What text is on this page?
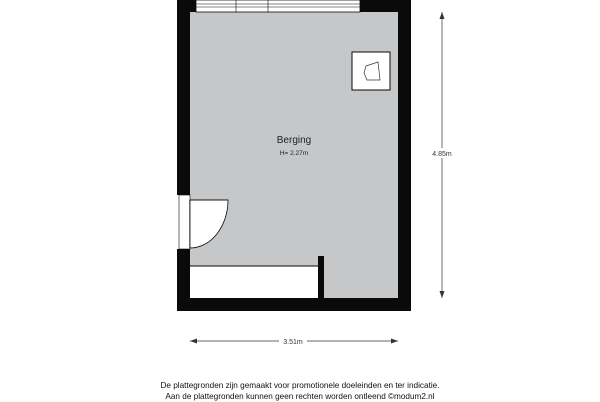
Berging
H= 2.27m	4.85m
3.51m
De plattegronden zijn gemaakt voor promotionele doeleinden en ter indicatie.
Aan de plattegronden kunnen geen rechten worden ontleend ©modum2.nl
